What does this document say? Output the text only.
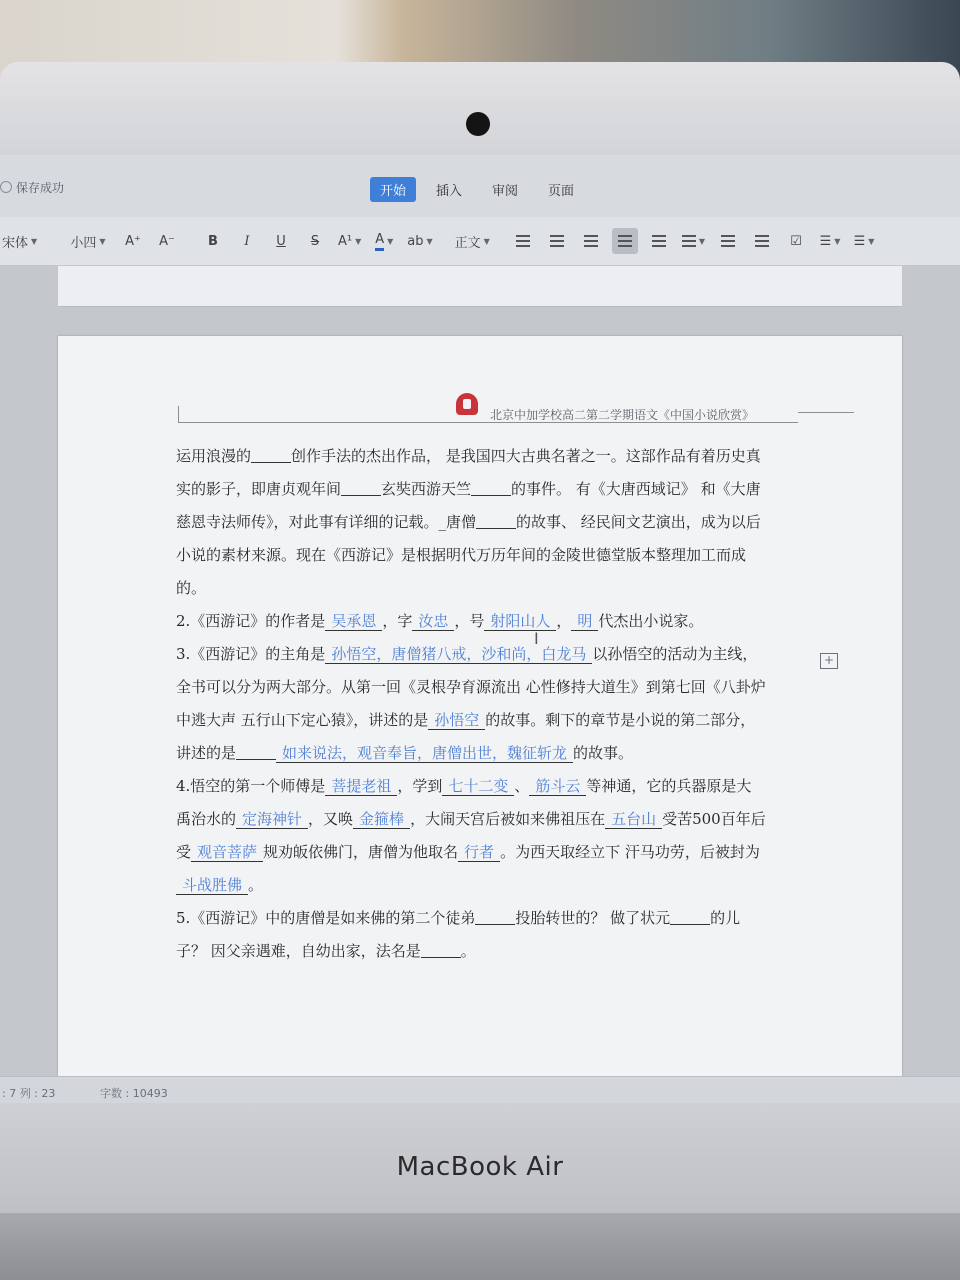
保存成功	开始	插入	审阅	页面
宋体 ▼	小四 ▼	A⁺	A⁻	B	I	U	S	A¹ ▼ A ▼ ab ▼ 正文 ▼	▼	☑ ☰ ▼ ☰ ▼
北京中加学校高二第二学期语文《中国小说欣赏》
+
I

运用浪漫的	创作手法的杰出作品， 是我国四大古典名著之一。这部作品有着历史真实的影子，即唐贞观年间	玄奘西游天竺	的事件。 有《大唐西域记》 和《大唐慈恩寺法师传》，对此事有详细的记载。_唐僧	的故事、 经民间文艺演出，成为以后小说的素材来源。现在《西游记》是根据明代万历年间的金陵世德堂版本整理加工而成的。

2.《西游记》的作者是 吴承恩 ，字 汝忠 ，号 射阳山人 ， 明 代杰出小说家。

3.《西游记》的主角是 孙悟空，唐僧猪八戒，沙和尚，白龙马 以孙悟空的活动为主线，全书可以分为两大部分。从第一回《灵根孕育源流出 心性修持大道生》到第七回《八卦炉中逃大声 五行山下定心猿》，讲述的是 孙悟空 的故事。剩下的章节是小说的第二部分，讲述的是	如来说法，观音奉旨，唐僧出世，魏征斩龙 的故事。

4.悟空的第一个师傅是 菩提老祖 ，学到 七十二变 、 筋斗云 等神通，它的兵器原是大禹治水的 定海神针 ，又唤 金箍棒 ，大闹天宫后被如来佛祖压在 五台山 受苦500百年后受 观音菩萨 规劝皈依佛门，唐僧为他取名 行者 。为西天取经立下 汗马功劳，后被封为斗战胜佛 。

5.《西游记》中的唐僧是如来佛的第二个徒弟	投胎转世的？ 做了状元	的儿子？ 因父亲遇难，自幼出家，法名是	。

: 7 列 : 23	字数 : 10493
MacBook Air
